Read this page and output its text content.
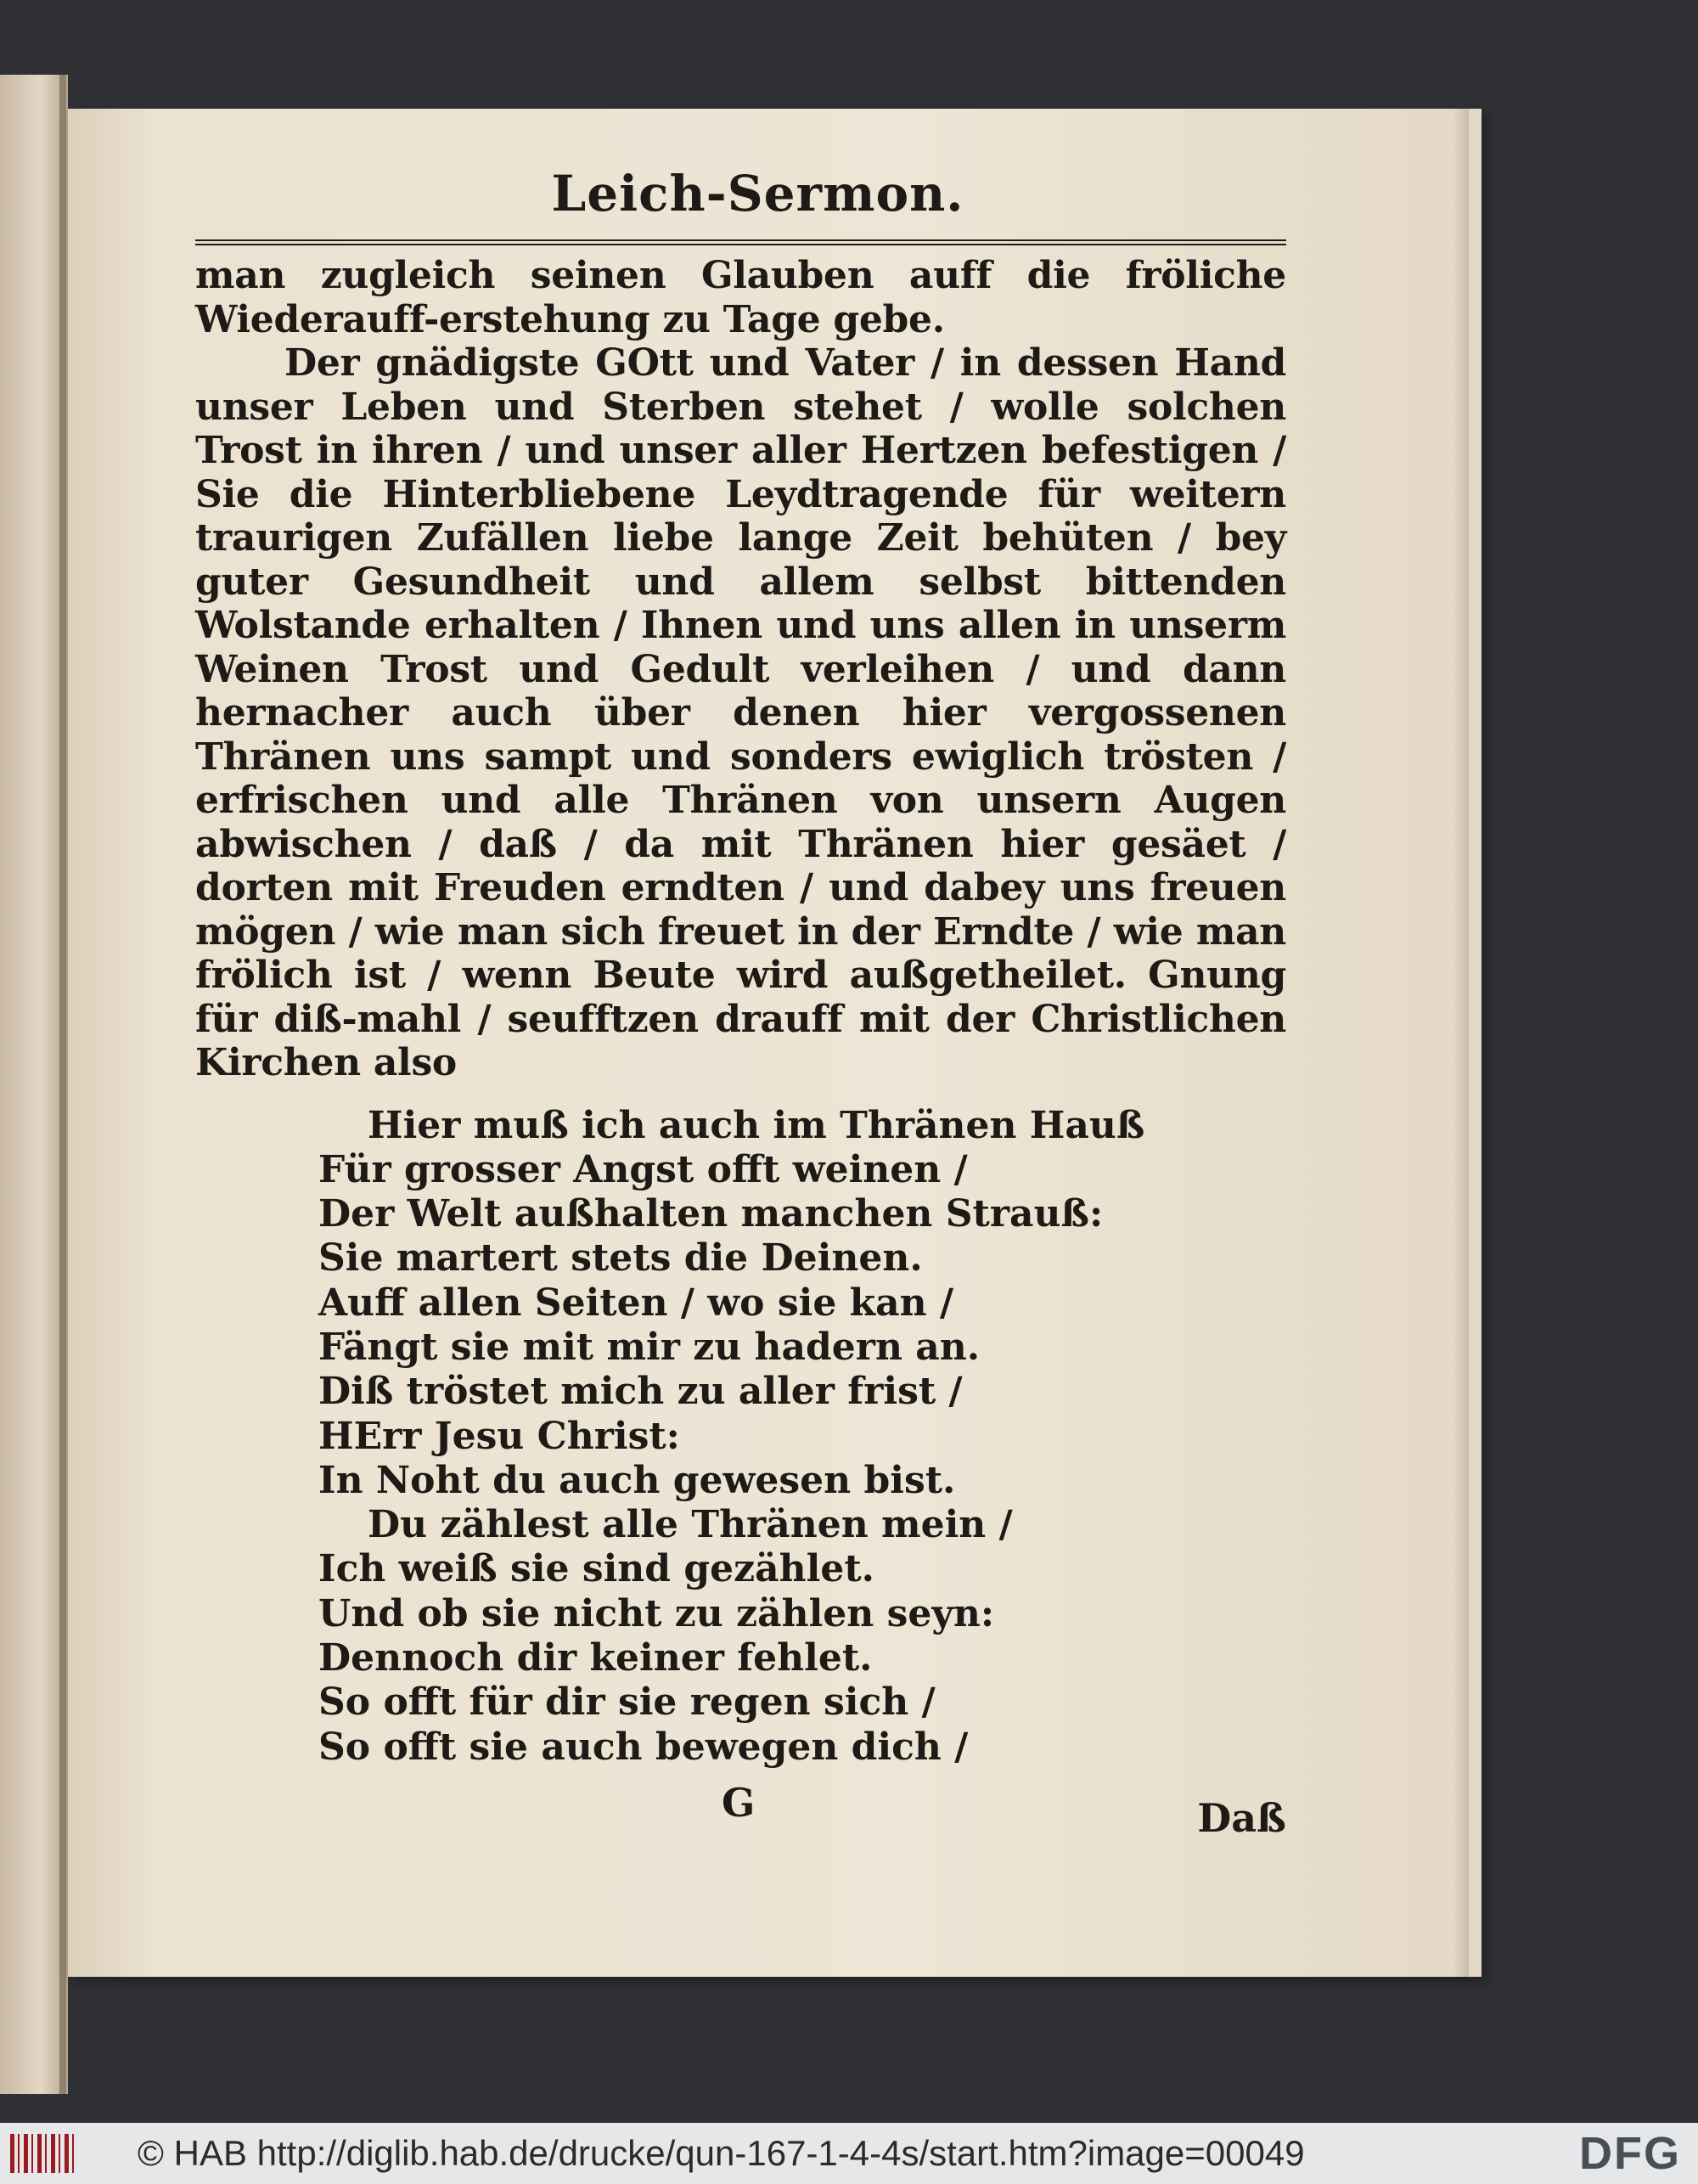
Leich-Sermon.

man zugleich seinen Glauben auff die fröliche Wiederauff-erstehung zu Tage gebe.

Der gnädigste GOtt und Vater / in dessen Hand unser Leben und Sterben stehet / wolle solchen Trost in ihren / und unser aller Hertzen befestigen / Sie die Hinterbliebene Leydtragende für weitern traurigen Zufällen liebe lange Zeit behüten / bey guter Gesundheit und allem selbst bittenden Wolstande erhalten / Ihnen und uns allen in unserm Weinen Trost und Gedult verleihen / und dann hernacher auch über denen hier vergossenen Thränen uns sampt und sonders ewiglich trösten / erfrischen und alle Thränen von unsern Augen abwischen / daß / da mit Thränen hier gesäet / dorten mit Freuden erndten / und dabey uns freuen mögen / wie man sich freuet in der Erndte / wie man frölich ist / wenn Beute wird außgetheilet. Gnung für diß-mahl / seufftzen drauff mit der Christlichen Kirchen also

Hier muß ich auch im Thränen Hauß
Für grosser Angst offt weinen /
Der Welt außhalten manchen Strauß:
Sie martert stets die Deinen.
Auff allen Seiten / wo sie kan /
Fängt sie mit mir zu hadern an.
Diß tröstet mich zu aller frist /
HErr Jesu Christ:
In Noht du auch gewesen bist.
Du zählest alle Thränen mein /
Ich weiß sie sind gezählet.
Und ob sie nicht zu zählen seyn:
Dennoch dir keiner fehlet.
So offt für dir sie regen sich /
So offt sie auch bewegen dich /
G	Daß
© HAB http://diglib.hab.de/drucke/qun-167-1-4-4s/start.htm?image=00049	DFG
